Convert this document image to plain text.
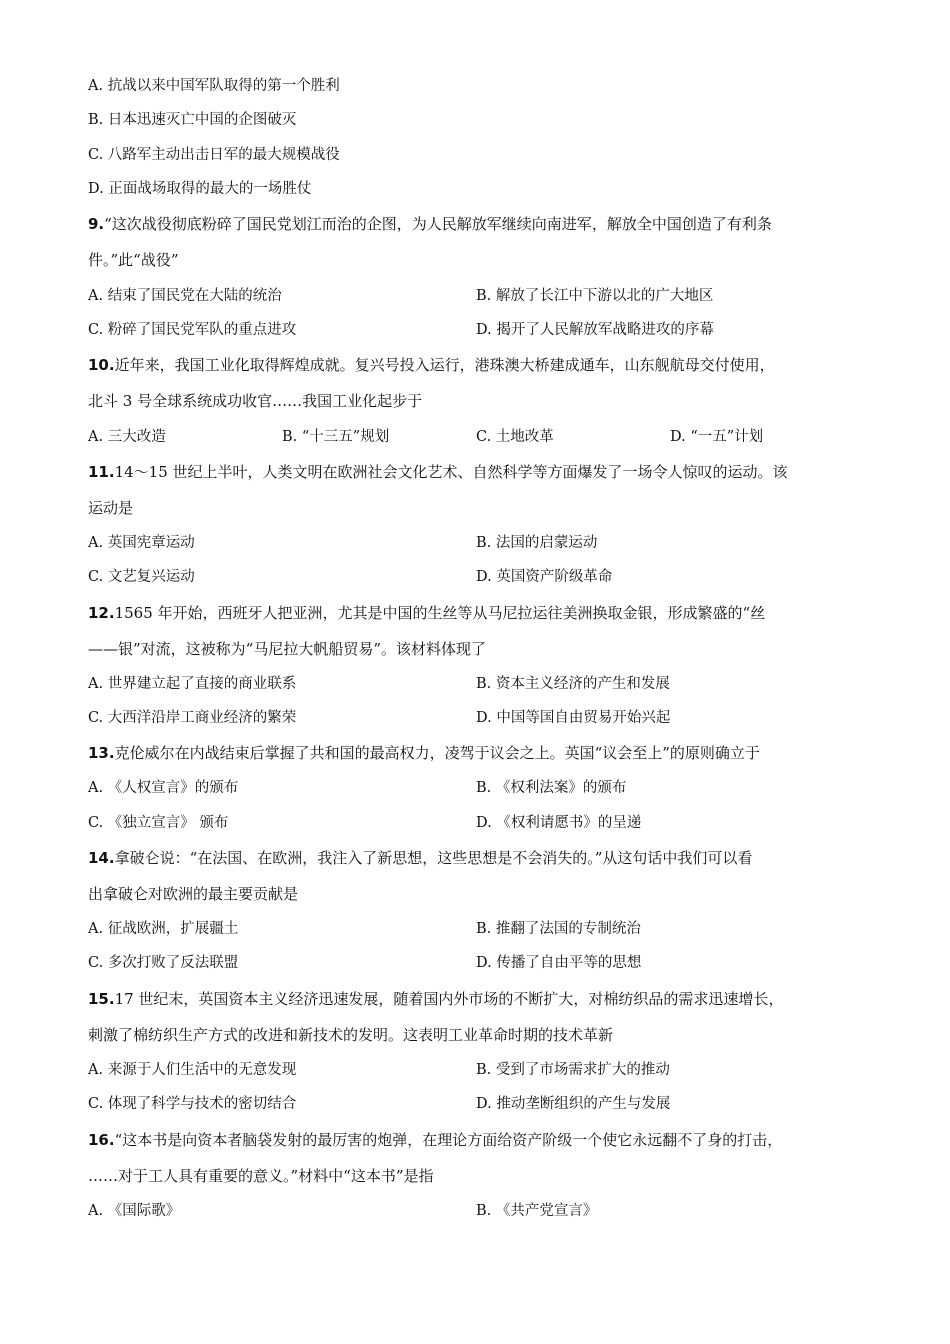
A. 抗战以来中国军队取得的第一个胜利
B. 日本迅速灭亡中国的企图破灭
C. 八路军主动出击日军的最大规模战役
D. 正面战场取得的最大的一场胜仗
9.“这次战役彻底粉碎了国民党划江而治的企图，为人民解放军继续向南进军，解放全中国创造了有利条
件。”此“战役”
A. 结束了国民党在大陆的统治	B. 解放了长江中下游以北的广大地区
C. 粉碎了国民党军队的重点进攻	D. 揭开了人民解放军战略进攻的序幕
10.近年来，我国工业化取得辉煌成就。复兴号投入运行，港珠澳大桥建成通车，山东舰航母交付使用，
北斗 3 号全球系统成功收官……我国工业化起步于
A. 三大改造	B. “十三五”规划	C. 土地改革	D. “一五”计划
11.14～15 世纪上半叶，人类文明在欧洲社会文化艺术、自然科学等方面爆发了一场令人惊叹的运动。该
运动是
A. 英国宪章运动	B. 法国的启蒙运动
C. 文艺复兴运动	D. 英国资产阶级革命
12.1565 年开始，西班牙人把亚洲，尤其是中国的生丝等从马尼拉运往美洲换取金银，形成繁盛的“丝
——银”对流，这被称为“马尼拉大帆船贸易”。该材料体现了
A. 世界建立起了直接的商业联系	B. 资本主义经济的产生和发展
C. 大西洋沿岸工商业经济的繁荣	D. 中国等国自由贸易开始兴起
13.克伦威尔在内战结束后掌握了共和国的最高权力，凌驾于议会之上。英国“议会至上”的原则确立于
A. 《人权宣言》的颁布	B. 《权利法案》的颁布
C. 《独立宣言》 颁布	D. 《权利请愿书》的呈递
14.拿破仑说：“在法国、在欧洲，我注入了新思想，这些思想是不会消失的。”从这句话中我们可以看
出拿破仑对欧洲的最主要贡献是
A. 征战欧洲，扩展疆土	B. 推翻了法国的专制统治
C. 多次打败了反法联盟	D. 传播了自由平等的思想
15.17 世纪末，英国资本主义经济迅速发展，随着国内外市场的不断扩大，对棉纺织品的需求迅速增长，
刺激了棉纺织生产方式的改进和新技术的发明。这表明工业革命时期的技术革新
A. 来源于人们生活中的无意发现	B. 受到了市场需求扩大的推动
C. 体现了科学与技术的密切结合	D. 推动垄断组织的产生与发展
16.“这本书是向资本者脑袋发射的最厉害的炮弹，在理论方面给资产阶级一个使它永远翻不了身的打击，
……对于工人具有重要的意义。”材料中“这本书”是指
A. 《国际歌》	B. 《共产党宣言》
